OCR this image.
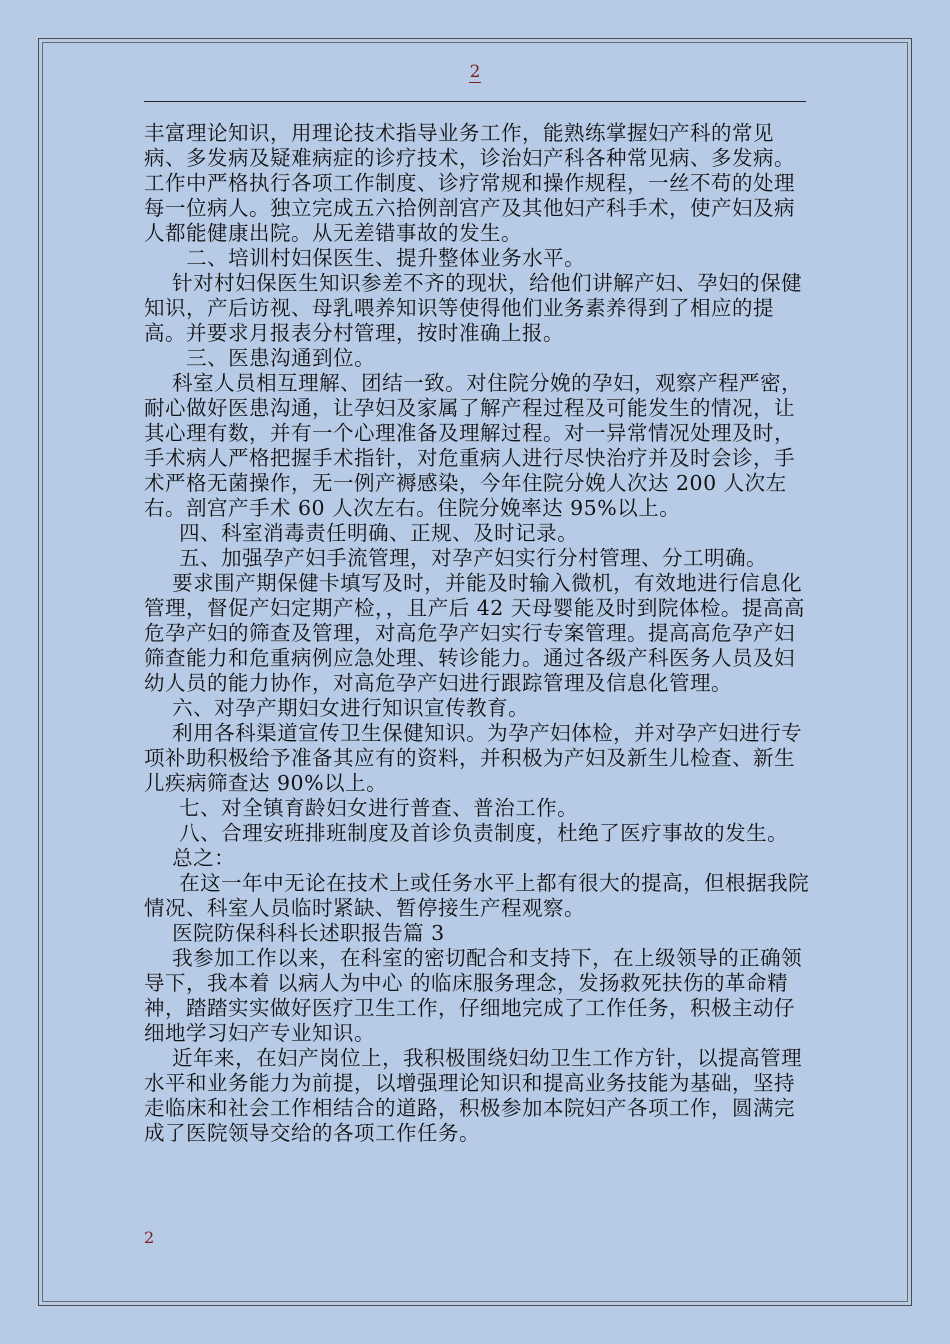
2

丰富理论知识，用理论技术指导业务工作，能熟练掌握妇产科的常见病、多发病及疑难病症的诊疗技术，诊治妇产科各种常见病、多发病。工作中严格执行各项工作制度、诊疗常规和操作规程，一丝不苟的处理每一位病人。独立完成五六拾例剖宫产及其他妇产科手术，使产妇及病人都能健康出院。从无差错事故的发生。

二、培训村妇保医生、提升整体业务水平。

针对村妇保医生知识参差不齐的现状，给他们讲解产妇、孕妇的保健知识，产后访视、母乳喂养知识等使得他们业务素养得到了相应的提高。并要求月报表分村管理，按时准确上报。

三、医患沟通到位。

科室人员相互理解、团结一致。对住院分娩的孕妇，观察产程严密，耐心做好医患沟通，让孕妇及家属了解产程过程及可能发生的情况，让其心理有数，并有一个心理准备及理解过程。对一异常情况处理及时，手术病人严格把握手术指针，对危重病人进行尽快治疗并及时会诊，手术严格无菌操作，无一例产褥感染，今年住院分娩人次达 200 人次左右。剖宫产手术 60 人次左右。住院分娩率达 95%以上。

四、科室消毒责任明确、正规、及时记录。

五、加强孕产妇手流管理，对孕产妇实行分村管理、分工明确。

要求围产期保健卡填写及时，并能及时输入微机，有效地进行信息化管理，督促产妇定期产检，，且产后 42 天母婴能及时到院体检。提高高危孕产妇的筛查及管理，对高危孕产妇实行专案管理。提高高危孕产妇筛查能力和危重病例应急处理、转诊能力。通过各级产科医务人员及妇幼人员的能力协作，对高危孕产妇进行跟踪管理及信息化管理。

六、对孕产期妇女进行知识宣传教育。

利用各科渠道宣传卫生保健知识。为孕产妇体检，并对孕产妇进行专项补助积极给予准备其应有的资料，并积极为产妇及新生儿检查、新生儿疾病筛查达 90%以上。

七、对全镇育龄妇女进行普查、普治工作。

八、合理安班排班制度及首诊负责制度，杜绝了医疗事故的发生。

总之：

在这一年中无论在技术上或任务水平上都有很大的提高，但根据我院情况、科室人员临时紧缺、暂停接生产程观察。

医院防保科科长述职报告篇 3

我参加工作以来，在科室的密切配合和支持下，在上级领导的正确领导下，我本着 以病人为中心 的临床服务理念，发扬救死扶伤的革命精神，踏踏实实做好医疗卫生工作，仔细地完成了工作任务，积极主动仔细地学习妇产专业知识。

近年来，在妇产岗位上，我积极围绕妇幼卫生工作方针，以提高管理水平和业务能力为前提，以增强理论知识和提高业务技能为基础，坚持走临床和社会工作相结合的道路，积极参加本院妇产各项工作，圆满完成了医院领导交给的各项工作任务。

2
